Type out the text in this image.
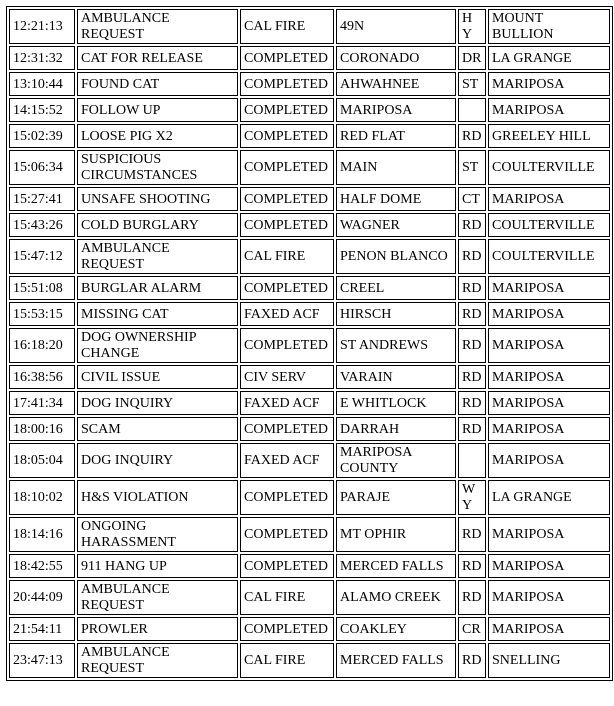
12:21:13	AMBULANCE REQUEST	CAL FIRE	49N	HY	MOUNT BULLION
12:31:32	CAT FOR RELEASE	COMPLETED	CORONADO	DR	LA GRANGE
13:10:44	FOUND CAT	COMPLETED	AHWAHNEE	ST	MARIPOSA
14:15:52	FOLLOW UP	COMPLETED	MARIPOSA		MARIPOSA
15:02:39	LOOSE PIG X2	COMPLETED	RED FLAT	RD	GREELEY HILL
15:06:34	SUSPICIOUS CIRCUMSTANCES	COMPLETED	MAIN	ST	COULTERVILLE
15:27:41	UNSAFE SHOOTING	COMPLETED	HALF DOME	CT	MARIPOSA
15:43:26	COLD BURGLARY	COMPLETED	WAGNER	RD	COULTERVILLE
15:47:12	AMBULANCE REQUEST	CAL FIRE	PENON BLANCO	RD	COULTERVILLE
15:51:08	BURGLAR ALARM	COMPLETED	CREEL	RD	MARIPOSA
15:53:15	MISSING CAT	FAXED ACF	HIRSCH	RD	MARIPOSA
16:18:20	DOG OWNERSHIP CHANGE	COMPLETED	ST ANDREWS	RD	MARIPOSA
16:38:56	CIVIL ISSUE	CIV SERV	VARAIN	RD	MARIPOSA
17:41:34	DOG INQUIRY	FAXED ACF	E WHITLOCK	RD	MARIPOSA
18:00:16	SCAM	COMPLETED	DARRAH	RD	MARIPOSA
18:05:04	DOG INQUIRY	FAXED ACF	MARIPOSA COUNTY		MARIPOSA
18:10:02	H&S VIOLATION	COMPLETED	PARAJE	WY	LA GRANGE
18:14:16	ONGOING HARASSMENT	COMPLETED	MT OPHIR	RD	MARIPOSA
18:42:55	911 HANG UP	COMPLETED	MERCED FALLS	RD	MARIPOSA
20:44:09	AMBULANCE REQUEST	CAL FIRE	ALAMO CREEK	RD	MARIPOSA
21:54:11	PROWLER	COMPLETED	COAKLEY	CR	MARIPOSA
23:47:13	AMBULANCE REQUEST	CAL FIRE	MERCED FALLS	RD	SNELLING
